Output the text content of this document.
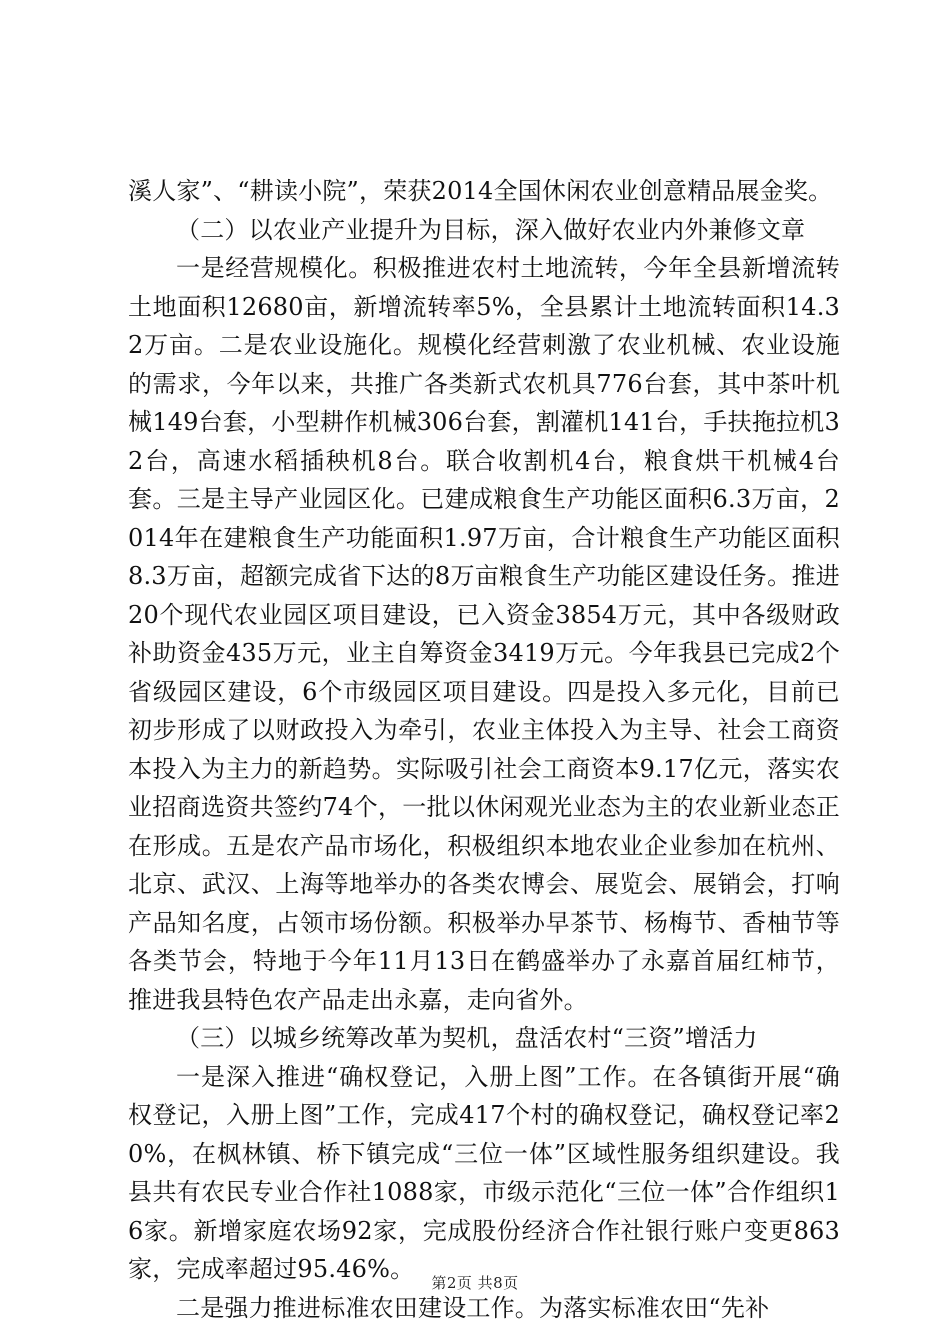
溪人家”、“耕读小院”，荣获2014全国休闲农业创意精品展金奖。

（二）以农业产业提升为目标，深入做好农业内外兼修文章

一是经营规模化。积极推进农村土地流转，今年全县新增流转土地面积12680亩，新增流转率5%，全县累计土地流转面积14.32万亩。二是农业设施化。规模化经营刺激了农业机械、农业设施的需求，今年以来，共推广各类新式农机具776台套，其中茶叶机械149台套，小型耕作机械306台套，割灌机141台，手扶拖拉机32台，高速水稻插秧机8台。联合收割机4台，粮食烘干机械4台套。三是主导产业园区化。已建成粮食生产功能区面积6.3万亩，2014年在建粮食生产功能面积1.97万亩，合计粮食生产功能区面积8.3万亩，超额完成省下达的8万亩粮食生产功能区建设任务。推进20个现代农业园区项目建设，已入资金3854万元，其中各级财政补助资金435万元，业主自筹资金3419万元。今年我县已完成2个省级园区建设，6个市级园区项目建设。四是投入多元化，目前已初步形成了以财政投入为牵引，农业主体投入为主导、社会工商资本投入为主力的新趋势。实际吸引社会工商资本9.17亿元，落实农业招商选资共签约74个，一批以休闲观光业态为主的农业新业态正在形成。五是农产品市场化，积极组织本地农业企业参加在杭州、北京、武汉、上海等地举办的各类农博会、展览会、展销会，打响产品知名度，占领市场份额。积极举办早茶节、杨梅节、香柚节等各类节会，特地于今年11月13日在鹤盛举办了永嘉首届红柿节，推进我县特色农产品走出永嘉，走向省外。

（三）以城乡统筹改革为契机，盘活农村“三资”增活力

一是深入推进“确权登记，入册上图”工作。在各镇街开展“确权登记，入册上图”工作，完成417个村的确权登记，确权登记率20%，在枫林镇、桥下镇完成“三位一体”区域性服务组织建设。我县共有农民专业合作社1088家，市级示范化“三位一体”合作组织16家。新增家庭农场92家，完成股份经济合作社银行账户变更863家，完成率超过95.46%。

二是强力推进标准农田建设工作。为落实标准农田“先补

第2页 共8页
